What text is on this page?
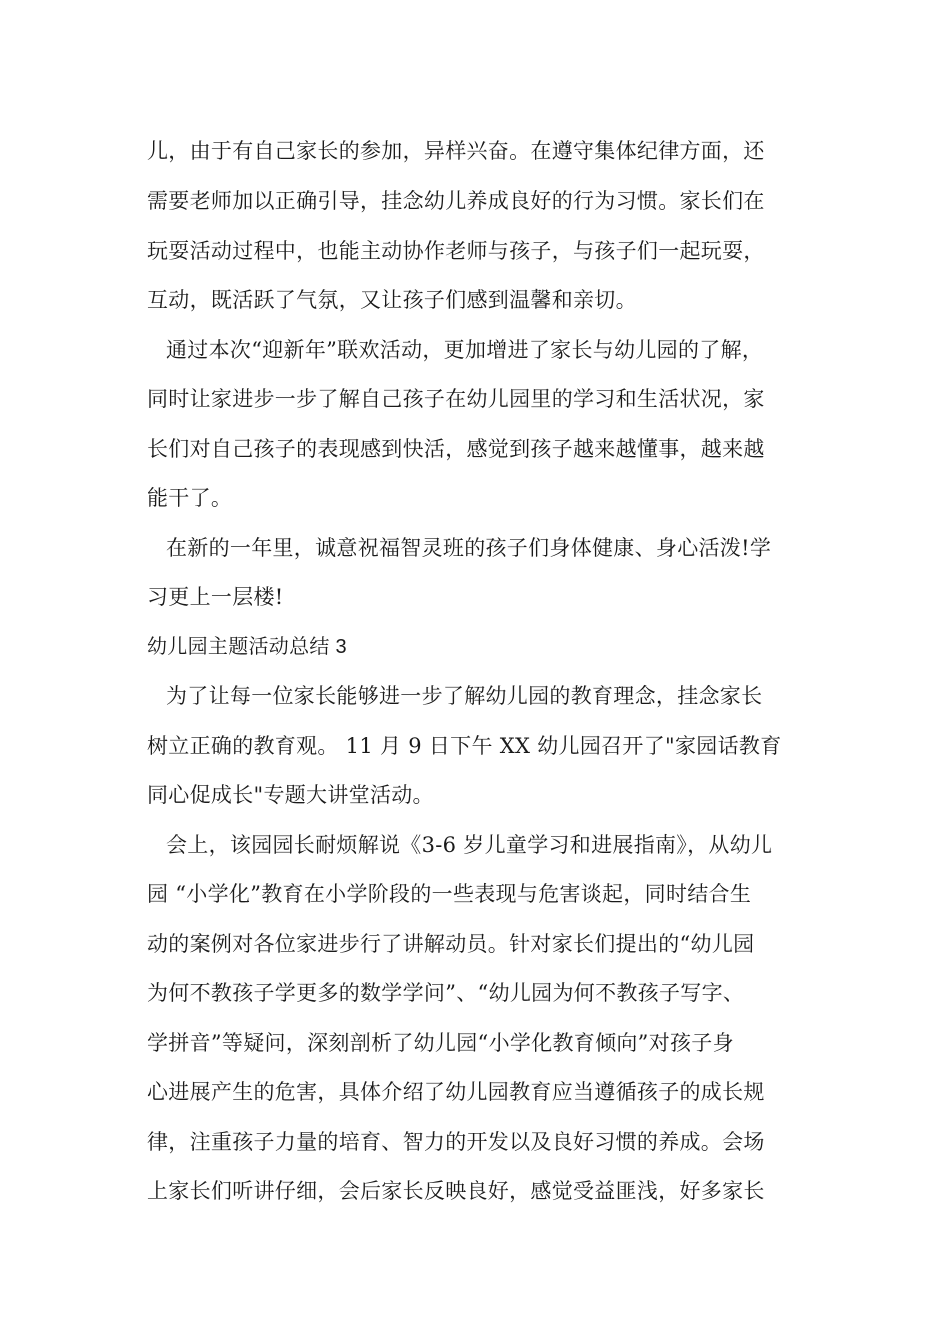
儿，由于有自己家长的参加，异样兴奋。在遵守集体纪律方面，还
需要老师加以正确引导，挂念幼儿养成良好的行为习惯。家长们在
玩耍活动过程中，也能主动协作老师与孩子，与孩子们一起玩耍，
互动，既活跃了气氛，又让孩子们感到温馨和亲切。
通过本次“迎新年”联欢活动，更加增进了家长与幼儿园的了解，
同时让家进步一步了解自己孩子在幼儿园里的学习和生活状况，家
长们对自己孩子的表现感到快活，感觉到孩子越来越懂事，越来越
能干了。
在新的一年里，诚意祝福智灵班的孩子们身体健康、身心活泼!学
习更上一层楼!
幼儿园主题活动总结 3
为了让每一位家长能够进一步了解幼儿园的教育理念，挂念家长
树立正确的教育观。 11 月 9 日下午 XX 幼儿园召开了"家园话教育
同心促成长"专题大讲堂活动。
会上，该园园长耐烦解说《3-6 岁儿童学习和进展指南》，从幼儿
园 “小学化”教育在小学阶段的一些表现与危害谈起，同时结合生
动的案例对各位家进步行了讲解动员。针对家长们提出的“幼儿园
为何不教孩子学更多的数学学问”、“幼儿园为何不教孩子写字、
学拼音”等疑问，深刻剖析了幼儿园“小学化教育倾向”对孩子身
心进展产生的危害，具体介绍了幼儿园教育应当遵循孩子的成长规
律，注重孩子力量的培育、智力的开发以及良好习惯的养成。会场
上家长们听讲仔细，会后家长反映良好，感觉受益匪浅，好多家长
